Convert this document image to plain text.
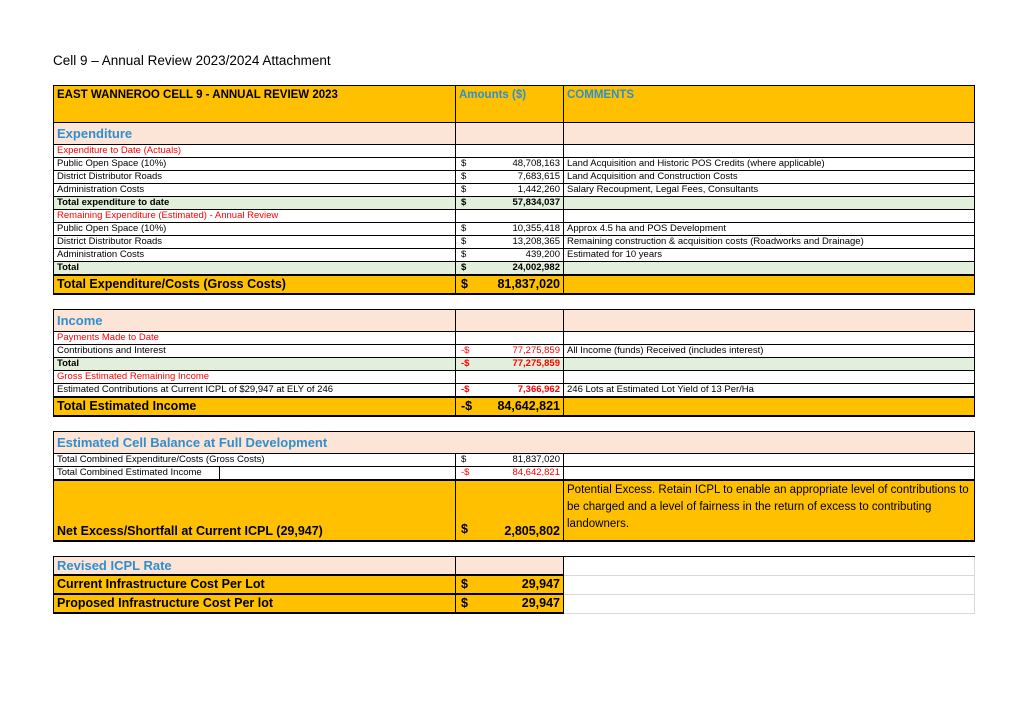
Cell 9 – Annual Review 2023/2024 Attachment
EAST WANNEROO CELL 9 - ANNUAL REVIEW 2023	Amounts ($)	COMMENTS
Expenditure		
Expenditure to Date (Actuals)		
Public Open Space (10%)	$ 48,708,163	Land Acquisition and Historic POS Credits (where applicable)
District Distributor Roads	$ 7,683,615	Land Acquisition and Construction Costs
Administration Costs	$ 1,442,260	Salary Recoupment, Legal Fees, Consultants
Total expenditure to date	$ 57,834,037	
Remaining Expenditure (Estimated) - Annual Review		
Public Open Space (10%)	$ 10,355,418	Approx 4.5 ha and POS Development
District Distributor Roads	$ 13,208,365	Remaining construction & acquisition costs (Roadworks and Drainage)
Administration Costs	$ 439,200	Estimated for 10 years
Total	$ 24,002,982	
Total Expenditure/Costs (Gross Costs)	$ 81,837,020	

Income		
Payments Made to Date		
Contributions and Interest	-$ 77,275,859	All Income (funds) Received (includes interest)
Total	-$ 77,275,859	
Gross Estimated Remaining Income		
Estimated Contributions at Current ICPL of $29,947 at ELY of 246	-$ 7,366,962	246 Lots at Estimated Lot Yield of 13 Per/Ha
Total Estimated Income	-$ 84,642,821	

Estimated Cell Balance at Full Development		
Total Combined Expenditure/Costs (Gross Costs)	$ 81,837,020	
Total Combined Estimated Income	-$ 84,642,821	
Net Excess/Shortfall at Current ICPL (29,947)	$ 2,805,802	Potential Excess. Retain ICPL to enable an appropriate level of contributions to be charged and a level of fairness in the return of excess to contributing landowners.

Revised ICPL Rate		
Current Infrastructure Cost Per Lot	$ 29,947	
Proposed Infrastructure Cost Per lot	$ 29,947	
